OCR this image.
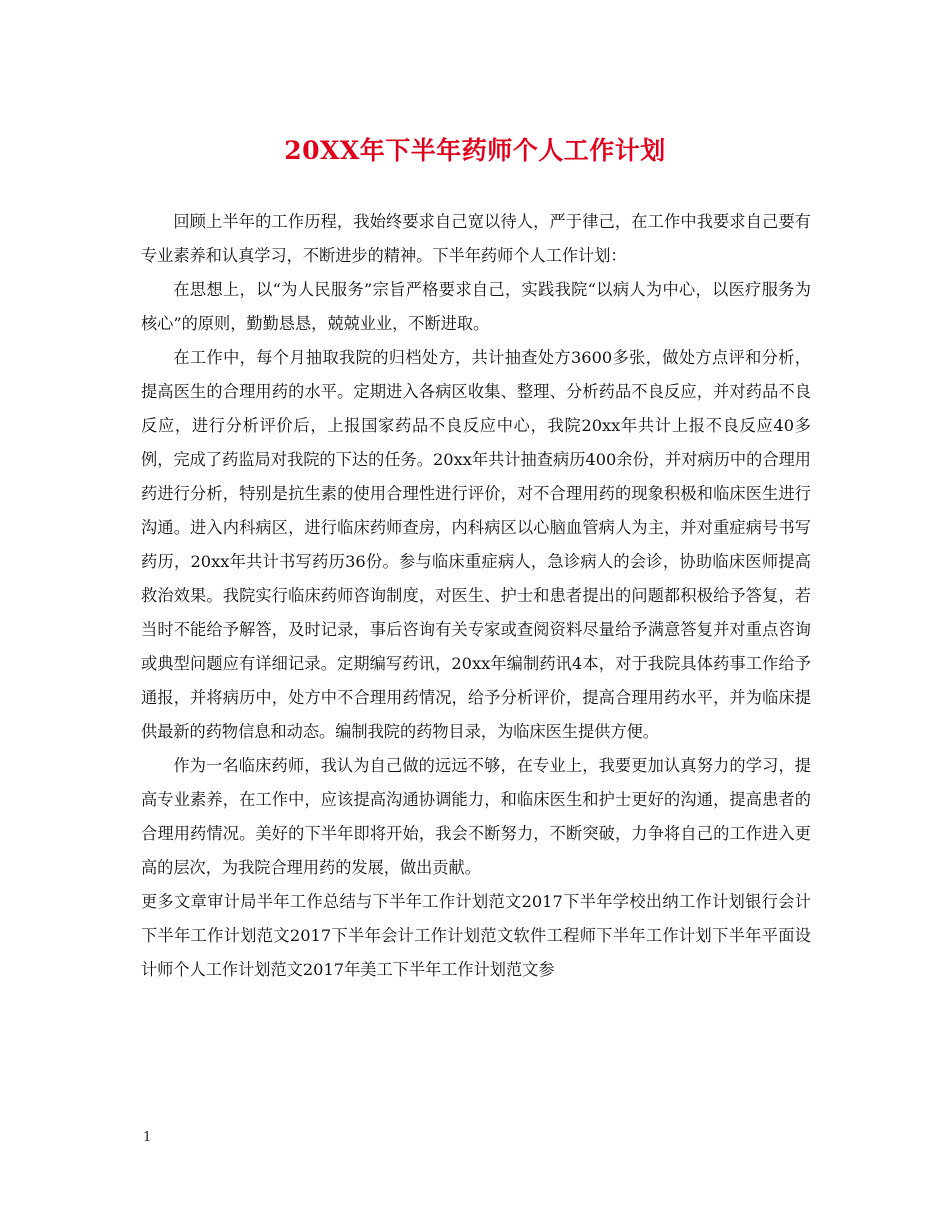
20XX年下半年药师个人工作计划

回顾上半年的工作历程，我始终要求自己宽以待人，严于律己，在工作中我要求自己要有专业素养和认真学习，不断进步的精神。下半年药师个人工作计划：

在思想上，以“为人民服务”宗旨严格要求自己，实践我院“以病人为中心，以医疗服务为核心”的原则，勤勤恳恳，兢兢业业，不断进取。

在工作中，每个月抽取我院的归档处方，共计抽查处方3600多张，做处方点评和分析，提高医生的合理用药的水平。定期进入各病区收集、整理、分析药品不良反应，并对药品不良反应，进行分析评价后，上报国家药品不良反应中心，我院20xx年共计上报不良反应40多例，完成了药监局对我院的下达的任务。20xx年共计抽查病历400余份，并对病历中的合理用药进行分析，特别是抗生素的使用合理性进行评价，对不合理用药的现象积极和临床医生进行沟通。进入内科病区，进行临床药师查房，内科病区以心脑血管病人为主，并对重症病号书写药历，20xx年共计书写药历36份。参与临床重症病人，急诊病人的会诊，协助临床医师提高救治效果。我院实行临床药师咨询制度，对医生、护士和患者提出的问题都积极给予答复，若当时不能给予解答，及时记录，事后咨询有关专家或查阅资料尽量给予满意答复并对重点咨询或典型问题应有详细记录。定期编写药讯，20xx年编制药讯4本，对于我院具体药事工作给予通报，并将病历中，处方中不合理用药情况，给予分析评价，提高合理用药水平，并为临床提供最新的药物信息和动态。编制我院的药物目录，为临床医生提供方便。

作为一名临床药师，我认为自己做的远远不够，在专业上，我要更加认真努力的学习，提高专业素养，在工作中，应该提高沟通协调能力，和临床医生和护士更好的沟通，提高患者的合理用药情况。美好的下半年即将开始，我会不断努力，不断突破，力争将自己的工作进入更高的层次，为我院合理用药的发展，做出贡献。

更多文章审计局半年工作总结与下半年工作计划范文2017下半年学校出纳工作计划银行会计下半年工作计划范文2017下半年会计工作计划范文软件工程师下半年工作计划下半年平面设计师个人工作计划范文2017年美工下半年工作计划范文参

1
